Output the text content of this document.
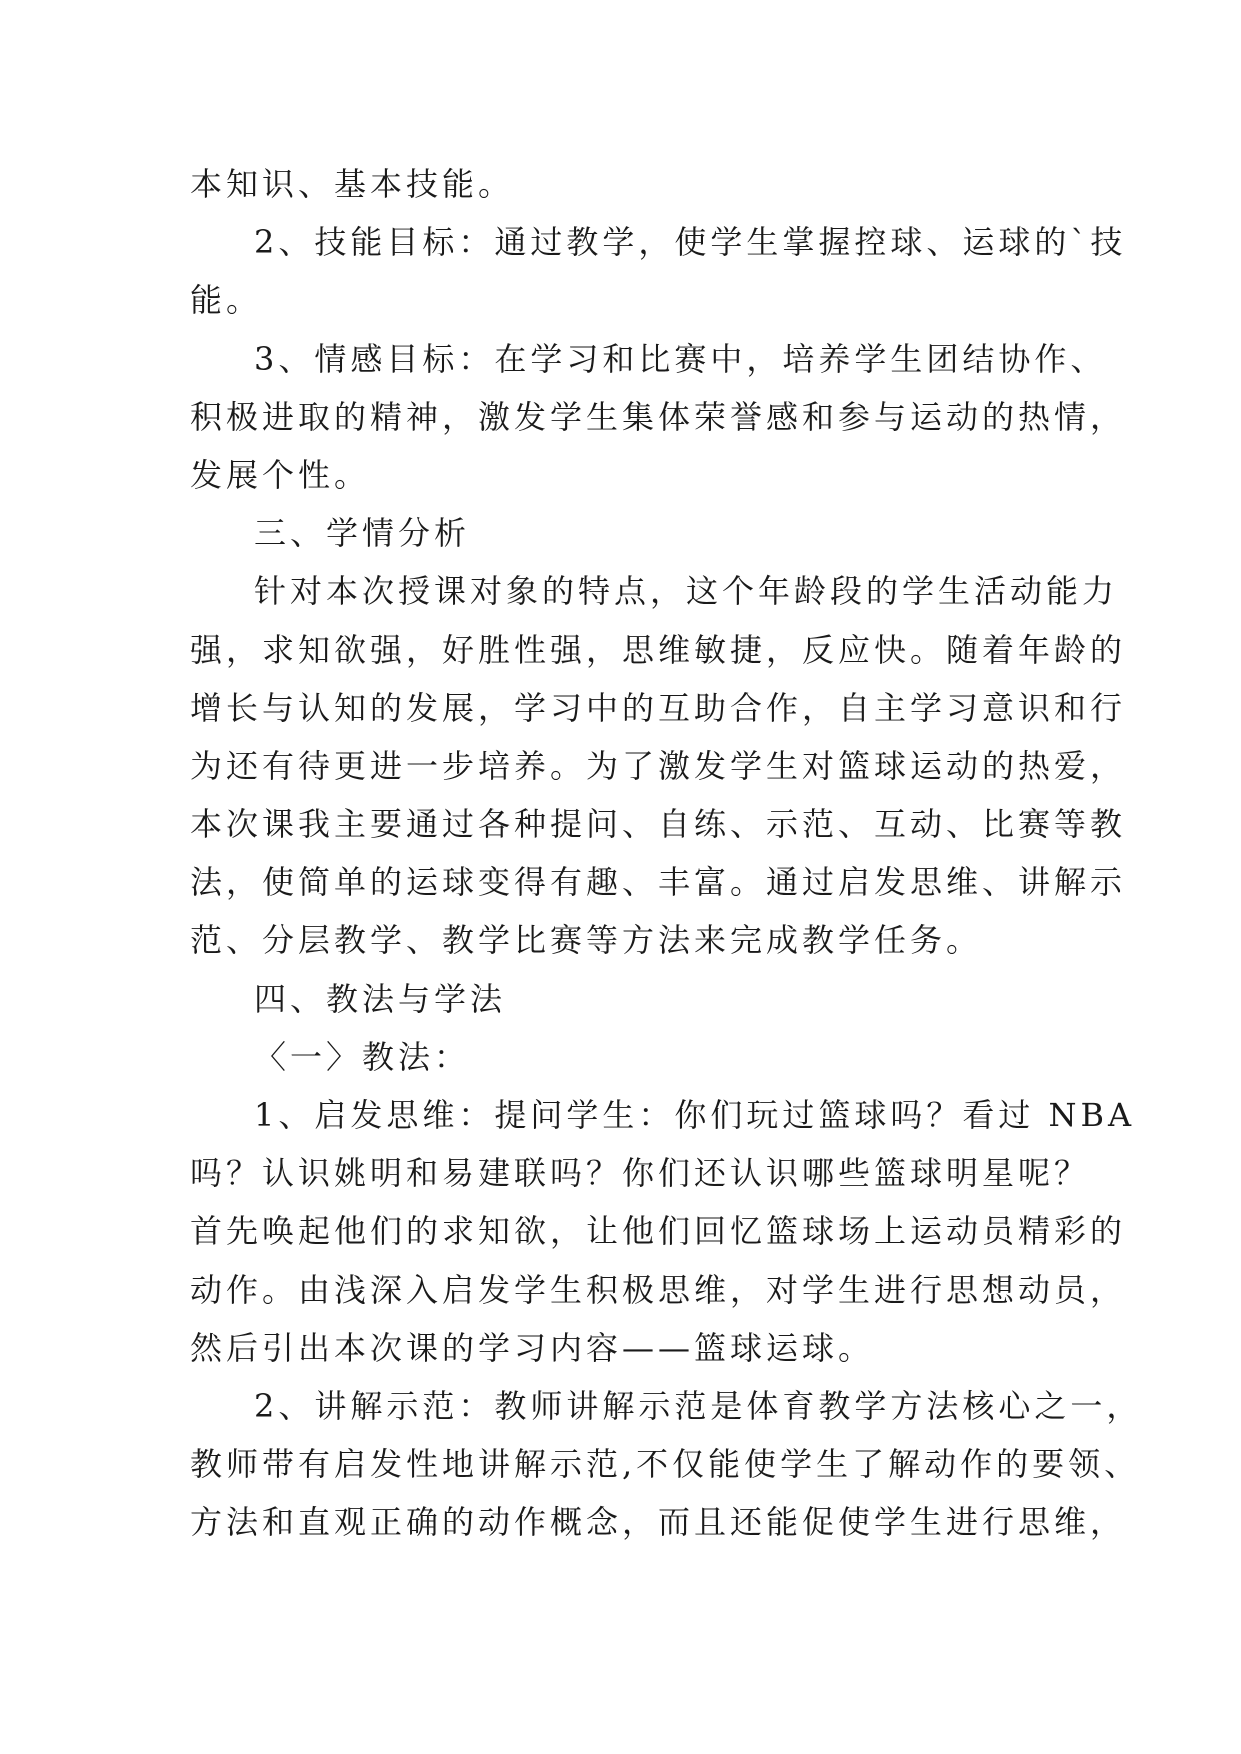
本知识、基本技能。
2、技能目标：通过教学，使学生掌握控球、运球的`技
能。
3、情感目标：在学习和比赛中，培养学生团结协作、
积极进取的精神，激发学生集体荣誉感和参与运动的热情，
发展个性。
三、学情分析
针对本次授课对象的特点，这个年龄段的学生活动能力
强，求知欲强，好胜性强，思维敏捷，反应快。随着年龄的
增长与认知的发展，学习中的互助合作，自主学习意识和行
为还有待更进一步培养。为了激发学生对篮球运动的热爱，
本次课我主要通过各种提问、自练、示范、互动、比赛等教
法，使简单的运球变得有趣、丰富。通过启发思维、讲解示
范、分层教学、教学比赛等方法来完成教学任务。
四、教法与学法
〈一〉教法：
1、启发思维：提问学生：你们玩过篮球吗？看过 NBA
吗？认识姚明和易建联吗？你们还认识哪些篮球明星呢？
首先唤起他们的求知欲，让他们回忆篮球场上运动员精彩的
动作。由浅深入启发学生积极思维，对学生进行思想动员，
然后引出本次课的学习内容——篮球运球。
2、讲解示范：教师讲解示范是体育教学方法核心之一，
教师带有启发性地讲解示范,不仅能使学生了解动作的要领、
方法和直观正确的动作概念，而且还能促使学生进行思维，
